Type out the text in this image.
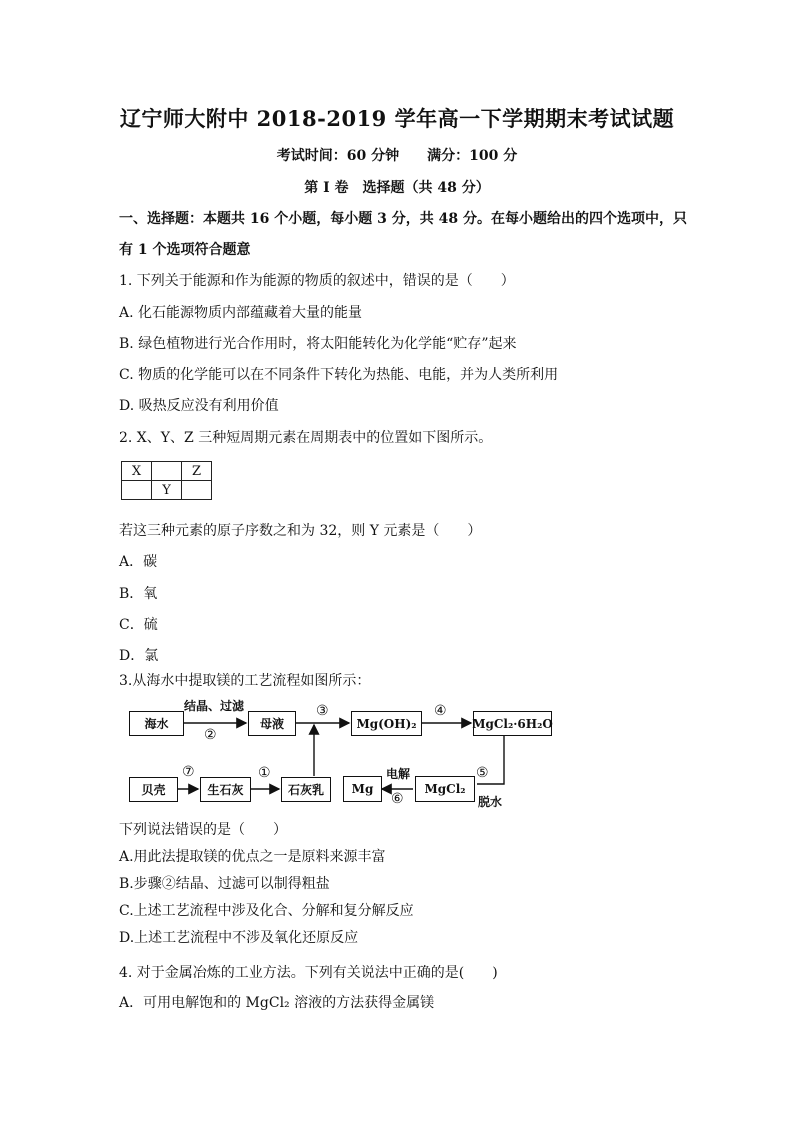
辽宁师大附中 2018-2019 学年高一下学期期末考试试题
考试时间：60 分钟 满分：100 分
第 Ⅰ 卷　选择题（共 48 分）
一、选择题：本题共 16 个小题，每小题 3 分，共 48 分。在每小题给出的四个选项中，只
有 1 个选项符合题意
1. 下列关于能源和作为能源的物质的叙述中，错误的是（　　）
A. 化石能源物质内部蕴藏着大量的能量
B. 绿色植物进行光合作用时，将太阳能转化为化学能“贮存”起来
C. 物质的化学能可以在不同条件下转化为热能、电能，并为人类所利用
D. 吸热反应没有利用价值
2. X、Y、Z 三种短周期元素在周期表中的位置如下图所示。
X		Z
	Y	
若这三种元素的原子序数之和为 32，则 Y 元素是（　　）
A．碳
B．氧
C．硫
D．氯
3.从海水中提取镁的工艺流程如图所示：
海水	母液	Mg(OH)₂	MgCl₂·6H₂O
贝壳	生石灰	石灰乳	Mg	MgCl₂
结晶、过滤
电解
脱水
②
③	④
⑤
⑥
⑦	①
下列说法错误的是（　　）
A.用此法提取镁的优点之一是原料来源丰富
B.步骤②结晶、过滤可以制得粗盐
C.上述工艺流程中涉及化合、分解和复分解反应
D.上述工艺流程中不涉及氧化还原反应
4. 对于金属冶炼的工业方法。下列有关说法中正确的是(　　)
A．可用电解饱和的 MgCl₂ 溶液的方法获得金属镁
